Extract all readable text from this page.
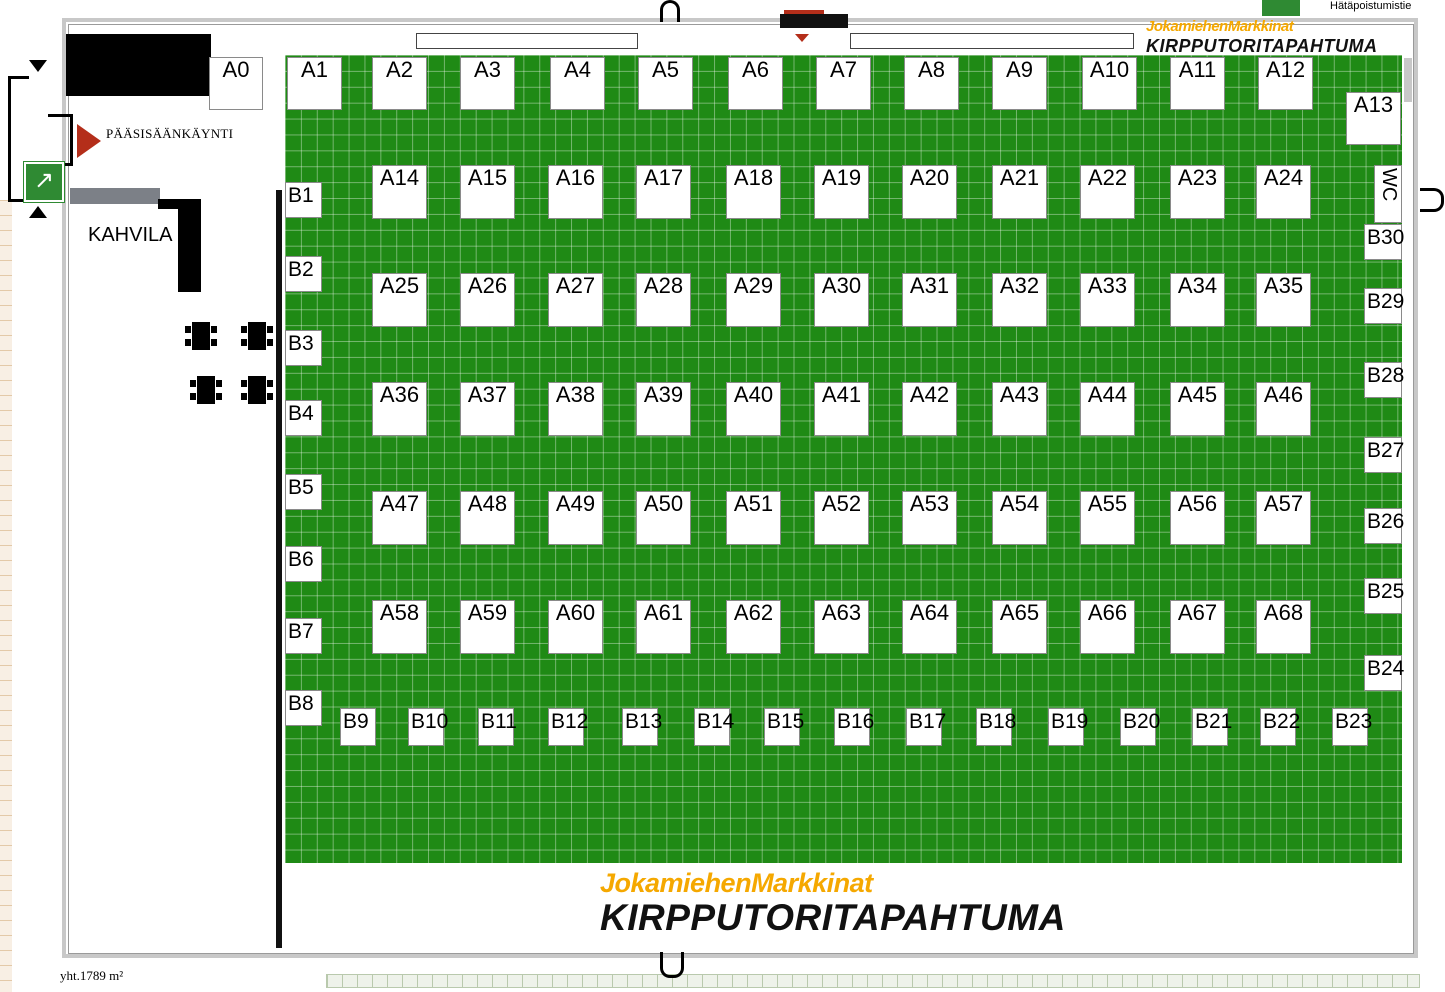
Hätäpoistumistie
↗
PÄÄSISÄÄNKÄYNTI
KAHVILA
A0	A1	A2	A3	A4	A5	A6	A7	A8	A9	A10	A11	A12
A13
A14	A15	A16	A17	A18	A19	A20	A21	A22	A23	A24
A25	A26	A27	A28	A29	A30	A31	A32	A33	A34	A35
A36	A37	A38	A39	A40	A41	A42	A43	A44	A45	A46
A47	A48	A49	A50	A51	A52	A53	A54	A55	A56	A57
A58	A59	A60	A61	A62	A63	A64	A65	A66	A67	A68
B1
B2
B3
B4
B5
B6
B7
B8
B9	B10 B11 B12 B13 B14 B15 B16 B17 B18 B19 B20 B21 B22 B23
B24
B25
B26
B27
B28
B29
B30
WC
JokamiehenMarkkinat
KIRPPUTORITAPAHTUMA
JokamiehenMarkkinat
KIRPPUTORITAPAHTUMA
yht.1789 m²
